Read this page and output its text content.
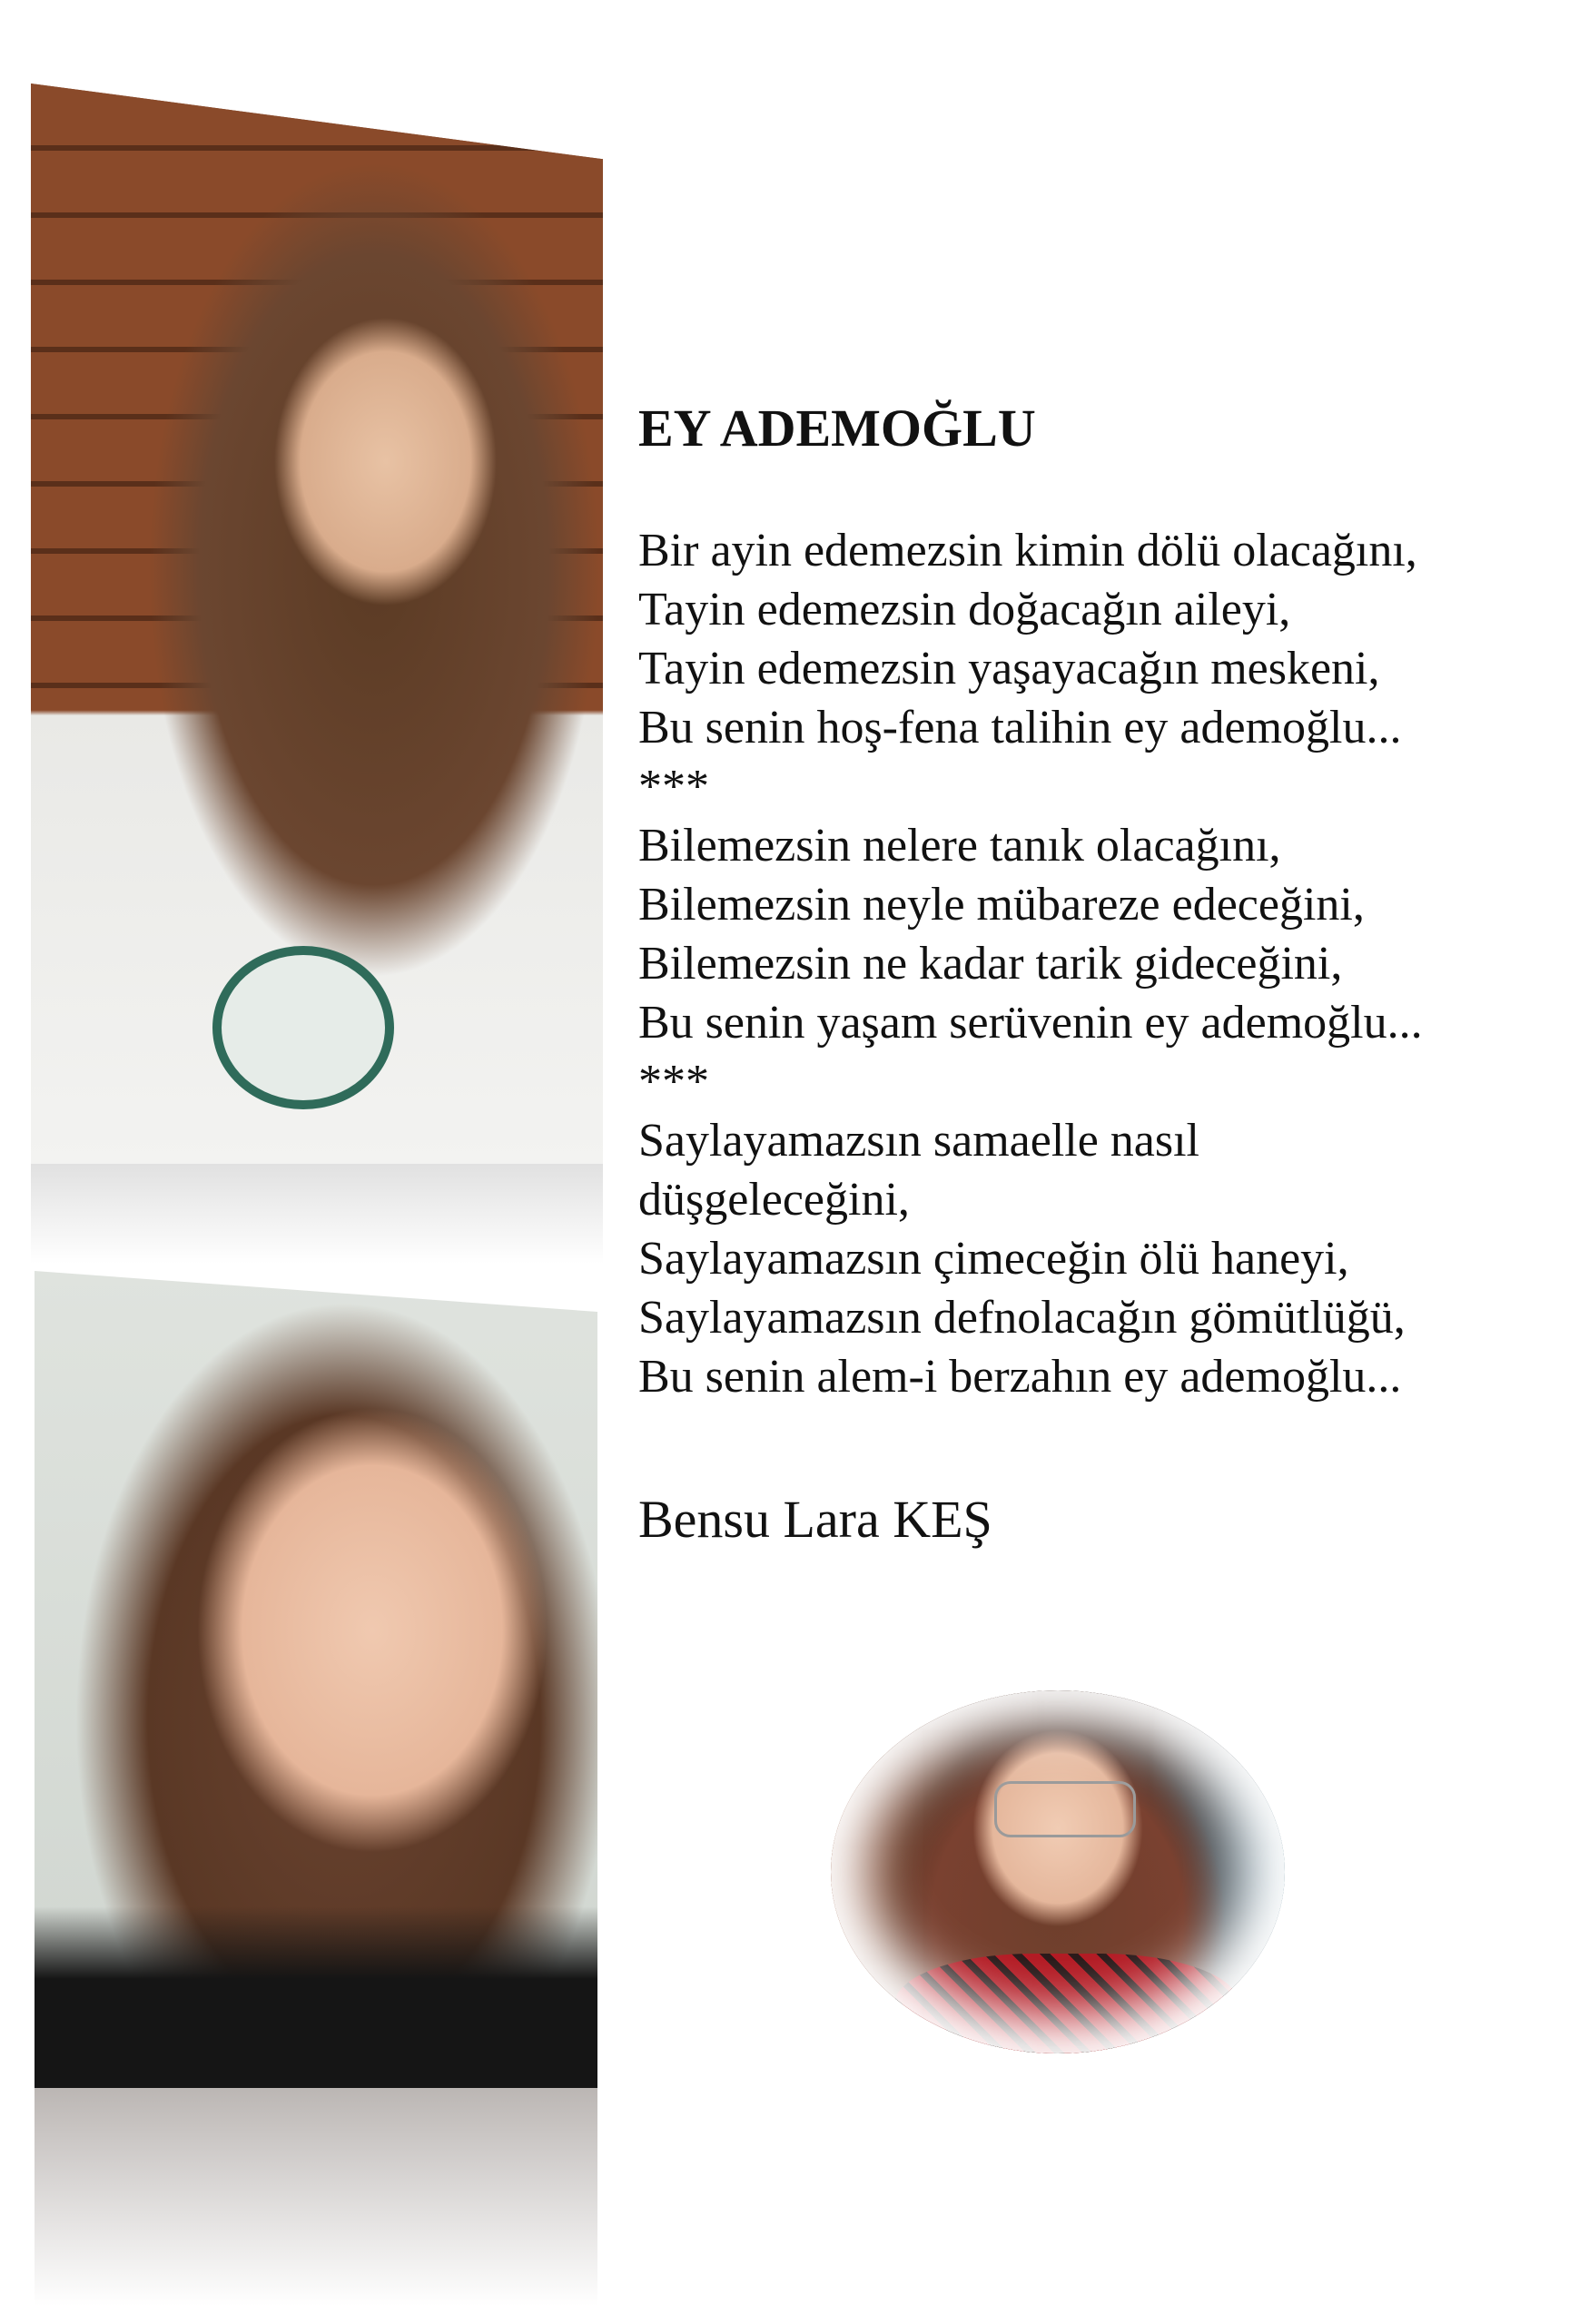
EY ADEMOĞLU
Bir ayin edemezsin kimin dölü olacağını,
Tayin edemezsin doğacağın aileyi,
Tayin edemezsin yaşayacağın meskeni,
Bu senin hoş-fena talihin ey ademoğlu...
***
Bilemezsin nelere tanık olacağını,
Bilemezsin neyle mübareze edeceğini,
Bilemezsin ne kadar tarik gideceğini,
Bu senin yaşam serüvenin ey ademoğlu...
***
Saylayamazsın samaelle nasıl
düşgeleceğini,
Saylayamazsın çimeceğin ölü haneyi,
Saylayamazsın defnolacağın gömütlüğü,
Bu senin alem-i berzahın ey ademoğlu...
Bensu Lara KEŞ
